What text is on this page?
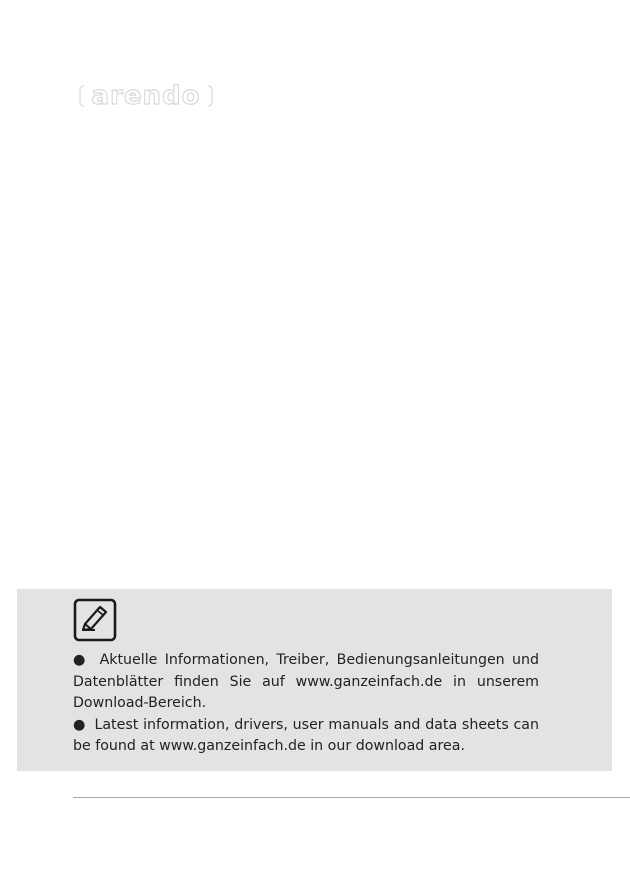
arendo

● Aktuelle Informationen, Treiber, Bedienungsanleitungen und Datenblätter finden Sie auf www.ganzeinfach.de in unserem Download-Bereich.

● Latest information, drivers, user manuals and data sheets can be found at www.ganzeinfach.de in our download area.
